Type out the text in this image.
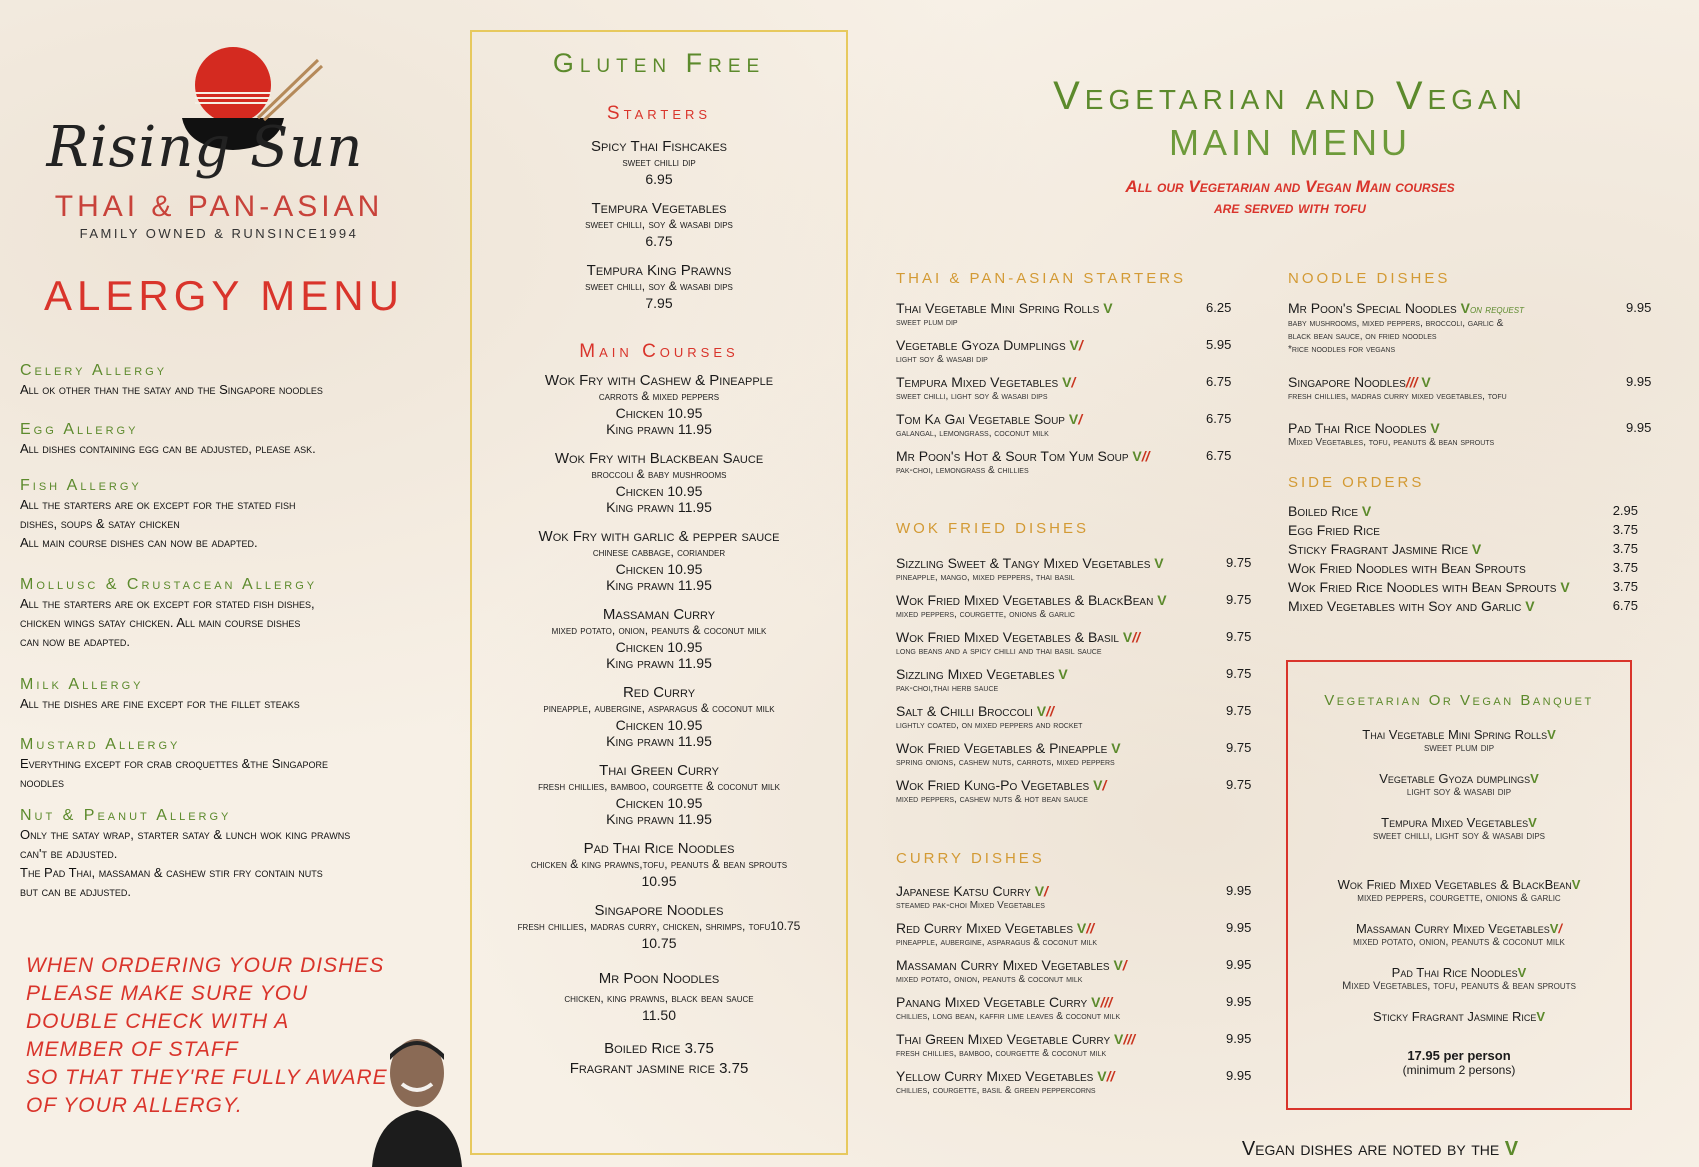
Rising Sun
THAI & PAN-ASIAN
FAMILY OWNED & RUNSINCE1994
ALERGY MENU
Celery Allergy

All ok other than the satay and the Singapore noodles

Egg Allergy

All dishes containing egg can be adjusted, please ask.

Fish Allergy

All the starters are ok except for the stated fish

dishes, soups & satay chicken

All main course dishes can now be adapted.

Mollusc & Crustacean Allergy

All the starters are ok except for stated fish dishes,

chicken wings satay chicken. All main course dishes

can now be adapted.

Milk Allergy

All the dishes are fine except for the fillet steaks

Mustard Allergy

Everything except for crab croquettes &the Singapore

noodles

Nut & Peanut Allergy

Only the satay wrap, starter satay & lunch wok king prawns

can't be adjusted.

The Pad Thai, massaman & cashew stir fry contain nuts

but can be adjusted.

WHEN ORDERING YOUR DISHES
PLEASE MAKE SURE YOU
DOUBLE CHECK WITH A
MEMBER OF STAFF
SO THAT THEY'RE FULLY AWARE
OF YOUR ALLERGY.
Gluten Free
Starters
Spicy Thai Fishcakes
sweet chilli dip
6.95
Tempura Vegetables
sweet chilli, soy & wasabi dips
6.75
Tempura King Prawns
sweet chilli, soy & wasabi dips
7.95
Main Courses
Wok Fry with Cashew & Pineapple
carrots & mixed peppers
Chicken 10.95
King prawn 11.95
Wok Fry with Blackbean Sauce
broccoli & baby mushrooms
Chicken 10.95
King prawn 11.95
Wok Fry with garlic & pepper sauce
chinese cabbage, coriander
Chicken 10.95
King prawn 11.95
Massaman Curry
mixed potato, onion, peanuts & coconut milk
Chicken 10.95
King prawn 11.95
Red Curry
pineapple, aubergine, asparagus & coconut milk
Chicken 10.95
King prawn 11.95
Thai Green Curry
fresh chillies, bamboo, courgette & coconut milk
Chicken 10.95
King prawn 11.95
Pad Thai Rice Noodles
chicken & king prawns,tofu, peanuts & bean sprouts
10.95
Singapore Noodles
fresh chillies, madras curry, chicken, shrimps, tofu10.75
10.75
Mr Poon Noodles
chicken, king prawns, black bean sauce
11.50
Boiled Rice 3.75
Fragrant jasmine rice 3.75
Vegetarian and Vegan
MAIN MENU
All our Vegetarian and Vegan Main courses
are served with tofu
THAI & PAN-ASIAN STARTERS
Thai Vegetable Mini Spring Rolls V
sweet plum dip
6.25
Vegetable Gyoza Dumplings V/
light soy & wasabi dip
5.95
Tempura Mixed Vegetables V/
sweet chilli, light soy & wasabi dips
6.75
Tom Ka Gai Vegetable Soup V/
galangal, lemongrass, coconut milk
6.75
Mr Poon's Hot & Sour Tom Yum Soup V//
pak-choi, lemongrass & chillies
6.75
WOK FRIED DISHES
Sizzling Sweet & Tangy Mixed Vegetables V
pineapple, mango, mixed peppers, thai basil
9.75
Wok Fried Mixed Vegetables & BlackBean V
mixed peppers, courgette, onions & garlic
9.75
Wok Fried Mixed Vegetables & Basil V//
long beans and a spicy chilli and thai basil sauce
9.75
Sizzling Mixed Vegetables V
pak-choi,thai herb sauce
9.75
Salt & Chilli Broccoli V//
lightly coated, on mixed peppers and rocket
9.75
Wok Fried Vegetables & Pineapple V
spring onions, cashew nuts, carrots, mixed peppers
9.75
Wok Fried Kung-Po Vegetables V/
mixed peppers, cashew nuts & hot bean sauce
9.75
CURRY DISHES
Japanese Katsu Curry V/
steamed pak-choi Mixed Vegetables
9.95
Red Curry Mixed Vegetables V//
pineapple, aubergine, asparagus & coconut milk
9.95
Massaman Curry Mixed Vegetables V/
mixed potato, onion, peanuts & coconut milk
9.95
Panang Mixed Vegetable Curry V///
chillies, long bean, kaffir lime leaves & coconut milk
9.95
Thai Green Mixed Vegetable Curry V///
fresh chillies, bamboo, courgette & coconut milk
9.95
Yellow Curry Mixed Vegetables V//
chillies, courgette, basil & green peppercorns
9.95
NOODLE DISHES
Mr Poon's Special Noodles Von request
baby mushrooms, mixed peppers, broccoli, garlic &
black bean sauce, on fried noodles
*rice noodles for vegans
9.95
Singapore Noodles/// V
fresh chillies, madras curry mixed vegetables, tofu
9.95
Pad Thai Rice Noodles V
Mixed Vegetables, tofu, peanuts & bean sprouts
9.95
SIDE ORDERS
Boiled Rice V	2.95
Egg Fried Rice	3.75
Sticky Fragrant Jasmine Rice V	3.75
Wok Fried Noodles with Bean Sprouts	3.75
Wok Fried Rice Noodles with Bean Sprouts V	3.75
Mixed Vegetables with Soy and Garlic V	6.75
Vegetarian Or Vegan Banquet
Thai Vegetable Mini Spring RollsV
sweet plum dip
Vegetable Gyoza dumplingsV
light soy & wasabi dip
Tempura Mixed VegetablesV
sweet chilli, light soy & wasabi dips
Wok Fried Mixed Vegetables & BlackBeanV
mixed peppers, courgette, onions & garlic
Massaman Curry Mixed VegetablesV/
mixed potato, onion, peanuts & coconut milk
Pad Thai Rice NoodlesV
Mixed Vegetables, tofu, peanuts & bean sprouts
Sticky Fragrant Jasmine RiceV
17.95 per person
(minimum 2 persons)
Vegan dishes are noted by the V
